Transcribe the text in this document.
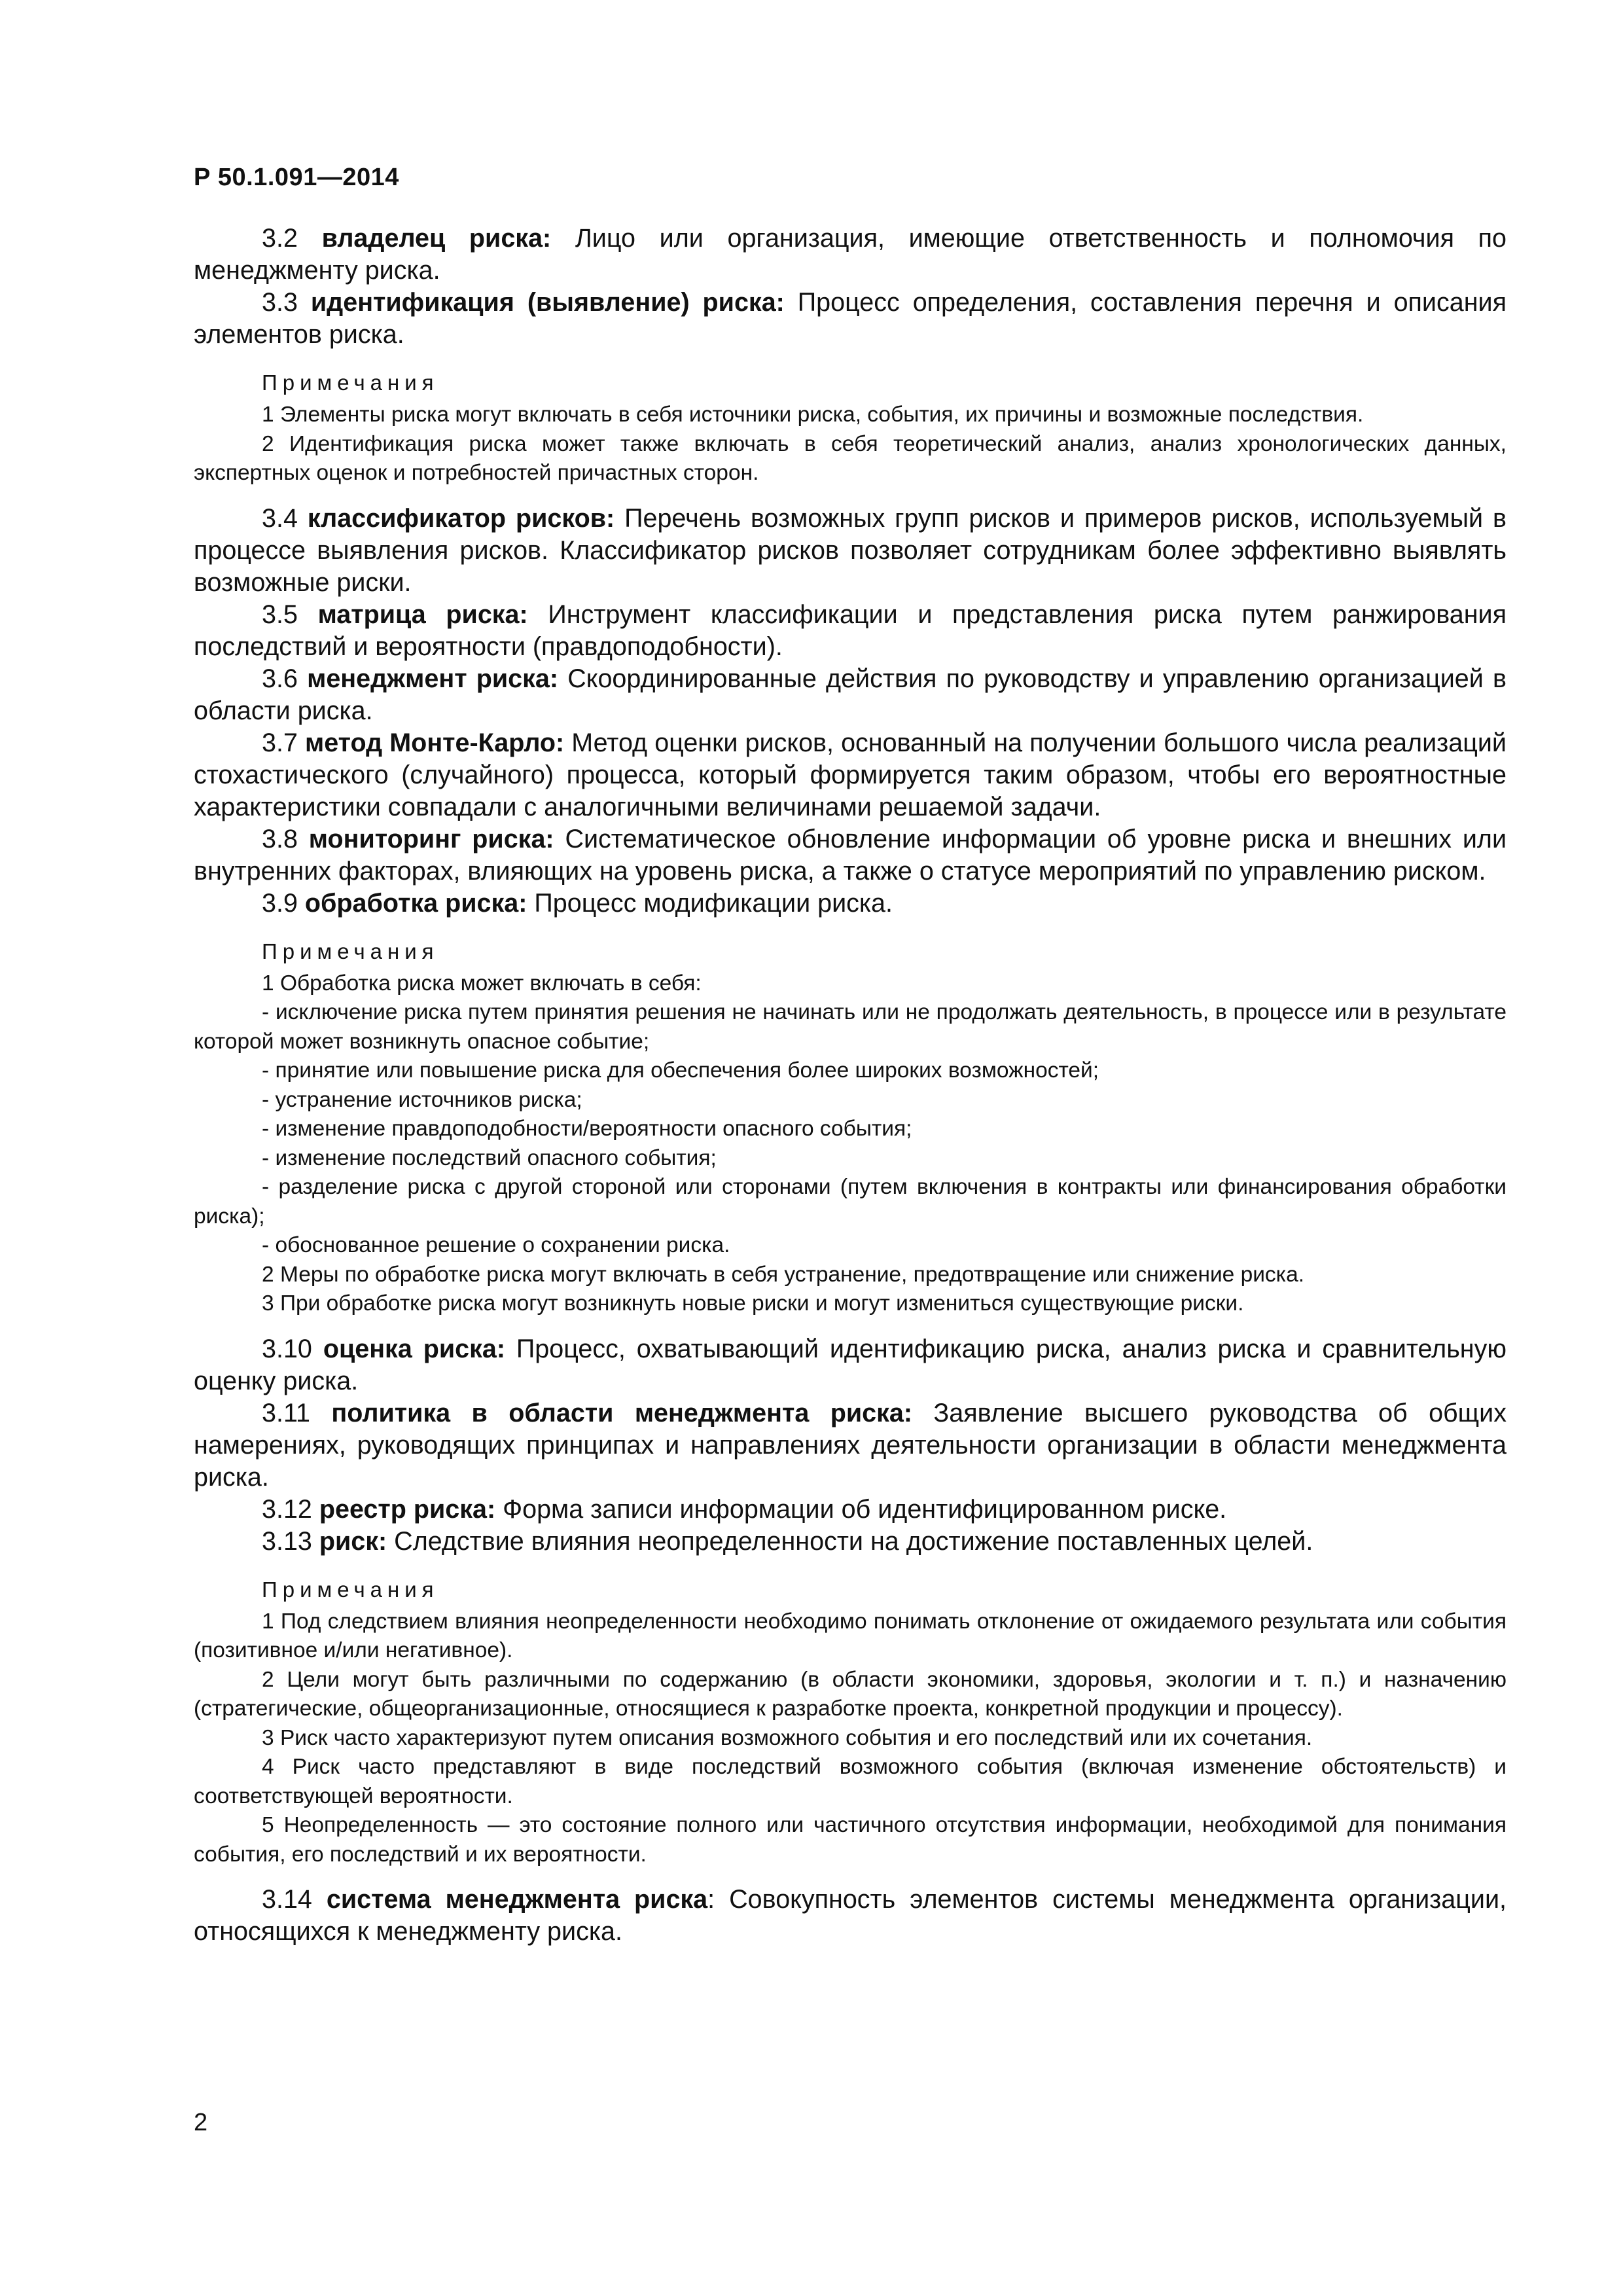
Р 50.1.091—2014

3.2 владелец риска: Лицо или организация, имеющие ответственность и полномочия по менеджменту риска.

3.3 идентификация (выявление) риска: Процесс определения, составления перечня и описания элементов риска.

Примечания

1 Элементы риска могут включать в себя источники риска, события, их причины и возможные последствия.

2 Идентификация риска может также включать в себя теоретический анализ, анализ хронологических данных, экспертных оценок и потребностей причастных сторон.

3.4 классификатор рисков: Перечень возможных групп рисков и примеров рисков, используемый в процессе выявления рисков. Классификатор рисков позволяет сотрудникам более эффективно выявлять возможные риски.

3.5 матрица риска: Инструмент классификации и представления риска путем ранжирования последствий и вероятности (правдоподобности).

3.6 менеджмент риска: Скоординированные действия по руководству и управлению организацией в области риска.

3.7 метод Монте-Карло: Метод оценки рисков, основанный на получении большого числа реализаций стохастического (случайного) процесса, который формируется таким образом, чтобы его вероятностные характеристики совпадали с аналогичными величинами решаемой задачи.

3.8 мониторинг риска: Систематическое обновление информации об уровне риска и внешних или внутренних факторах, влияющих на уровень риска, а также о статусе мероприятий по управлению риском.

3.9 обработка риска: Процесс модификации риска.

Примечания

1 Обработка риска может включать в себя:

- исключение риска путем принятия решения не начинать или не продолжать деятельность, в процессе или в результате которой может возникнуть опасное событие;

- принятие или повышение риска для обеспечения более широких возможностей;

- устранение источников риска;

- изменение правдоподобности/вероятности опасного события;

- изменение последствий опасного события;

- разделение риска с другой стороной или сторонами (путем включения в контракты или финансирования обработки риска);

- обоснованное решение о сохранении риска.

2 Меры по обработке риска могут включать в себя устранение, предотвращение или снижение риска.

3 При обработке риска могут возникнуть новые риски и могут измениться существующие риски.

3.10 оценка риска: Процесс, охватывающий идентификацию риска, анализ риска и сравнительную оценку риска.

3.11 политика в области менеджмента риска: Заявление высшего руководства об общих намерениях, руководящих принципах и направлениях деятельности организации в области менеджмента риска.

3.12 реестр риска: Форма записи информации об идентифицированном риске.

3.13 риск: Следствие влияния неопределенности на достижение поставленных целей.

Примечания

1 Под следствием влияния неопределенности необходимо понимать отклонение от ожидаемого результата или события (позитивное и/или негативное).

2 Цели могут быть различными по содержанию (в области экономики, здоровья, экологии и т. п.) и назначению (стратегические, общеорганизационные, относящиеся к разработке проекта, конкретной продукции и процессу).

3 Риск часто характеризуют путем описания возможного события и его последствий или их сочетания.

4 Риск часто представляют в виде последствий возможного события (включая изменение обстоятельств) и соответствующей вероятности.

5 Неопределенность — это состояние полного или частичного отсутствия информации, необходимой для понимания события, его последствий и их вероятности.

3.14 система менеджмента риска: Совокупность элементов системы менеджмента организации, относящихся к менеджменту риска.

2
